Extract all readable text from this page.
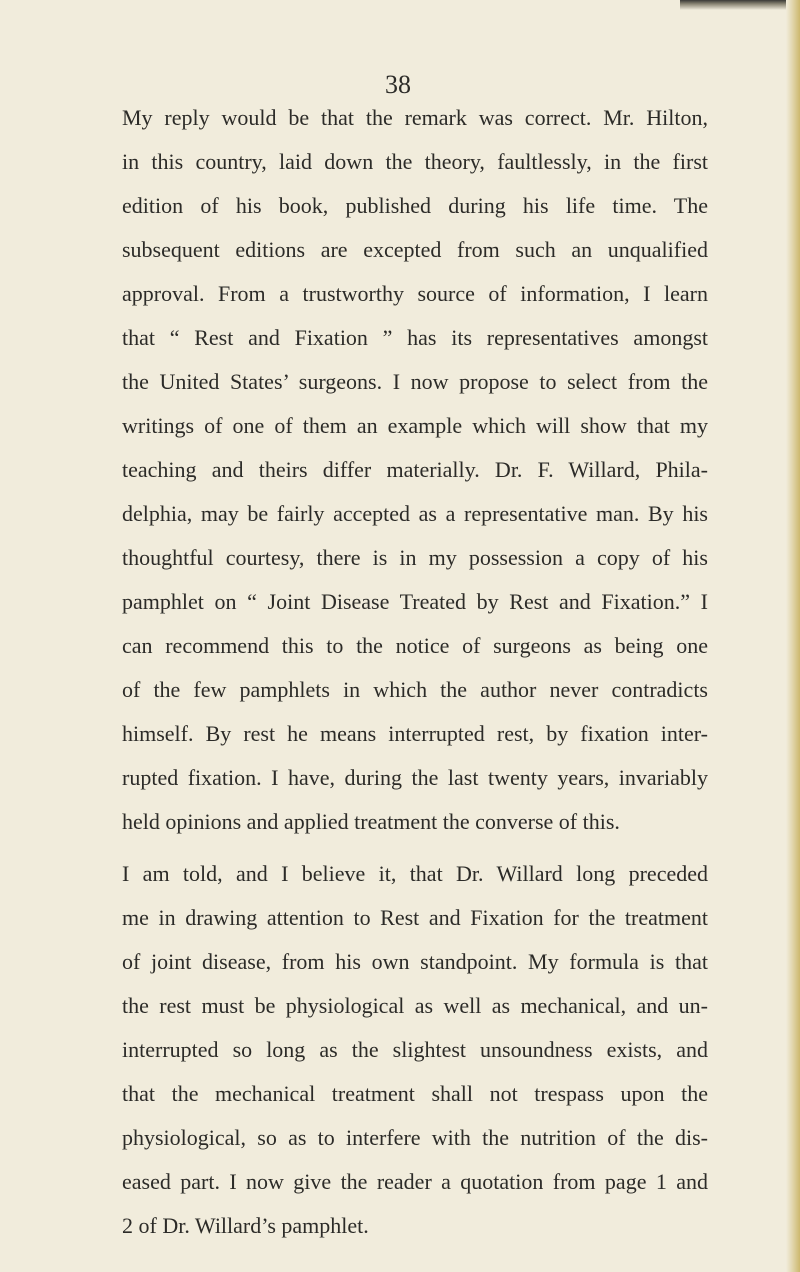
38
My reply would be that the remark was correct. Mr. Hilton,
in this country, laid down the theory, faultlessly, in the first
edition of his book, published during his life time. The
subsequent editions are excepted from such an unqualified
approval. From a trustworthy source of information, I learn
that “ Rest and Fixation ” has its representatives amongst
the United States’ surgeons. I now propose to select from the
writings of one of them an example which will show that my
teaching and theirs differ materially. Dr. F. Willard, Phila-
delphia, may be fairly accepted as a representative man. By his
thoughtful courtesy, there is in my possession a copy of his
pamphlet on “ Joint Disease Treated by Rest and Fixation.” I
can recommend this to the notice of surgeons as being one
of the few pamphlets in which the author never contradicts
himself. By rest he means interrupted rest, by fixation inter-
rupted fixation. I have, during the last twenty years, invariably
held opinions and applied treatment the converse of this.
I am told, and I believe it, that Dr. Willard long preceded
me in drawing attention to Rest and Fixation for the treatment
of joint disease, from his own standpoint. My formula is that
the rest must be physiological as well as mechanical, and un-
interrupted so long as the slightest unsoundness exists, and
that the mechanical treatment shall not trespass upon the
physiological, so as to interfere with the nutrition of the dis-
eased part. I now give the reader a quotation from page 1 and
2 of Dr. Willard’s pamphlet.
